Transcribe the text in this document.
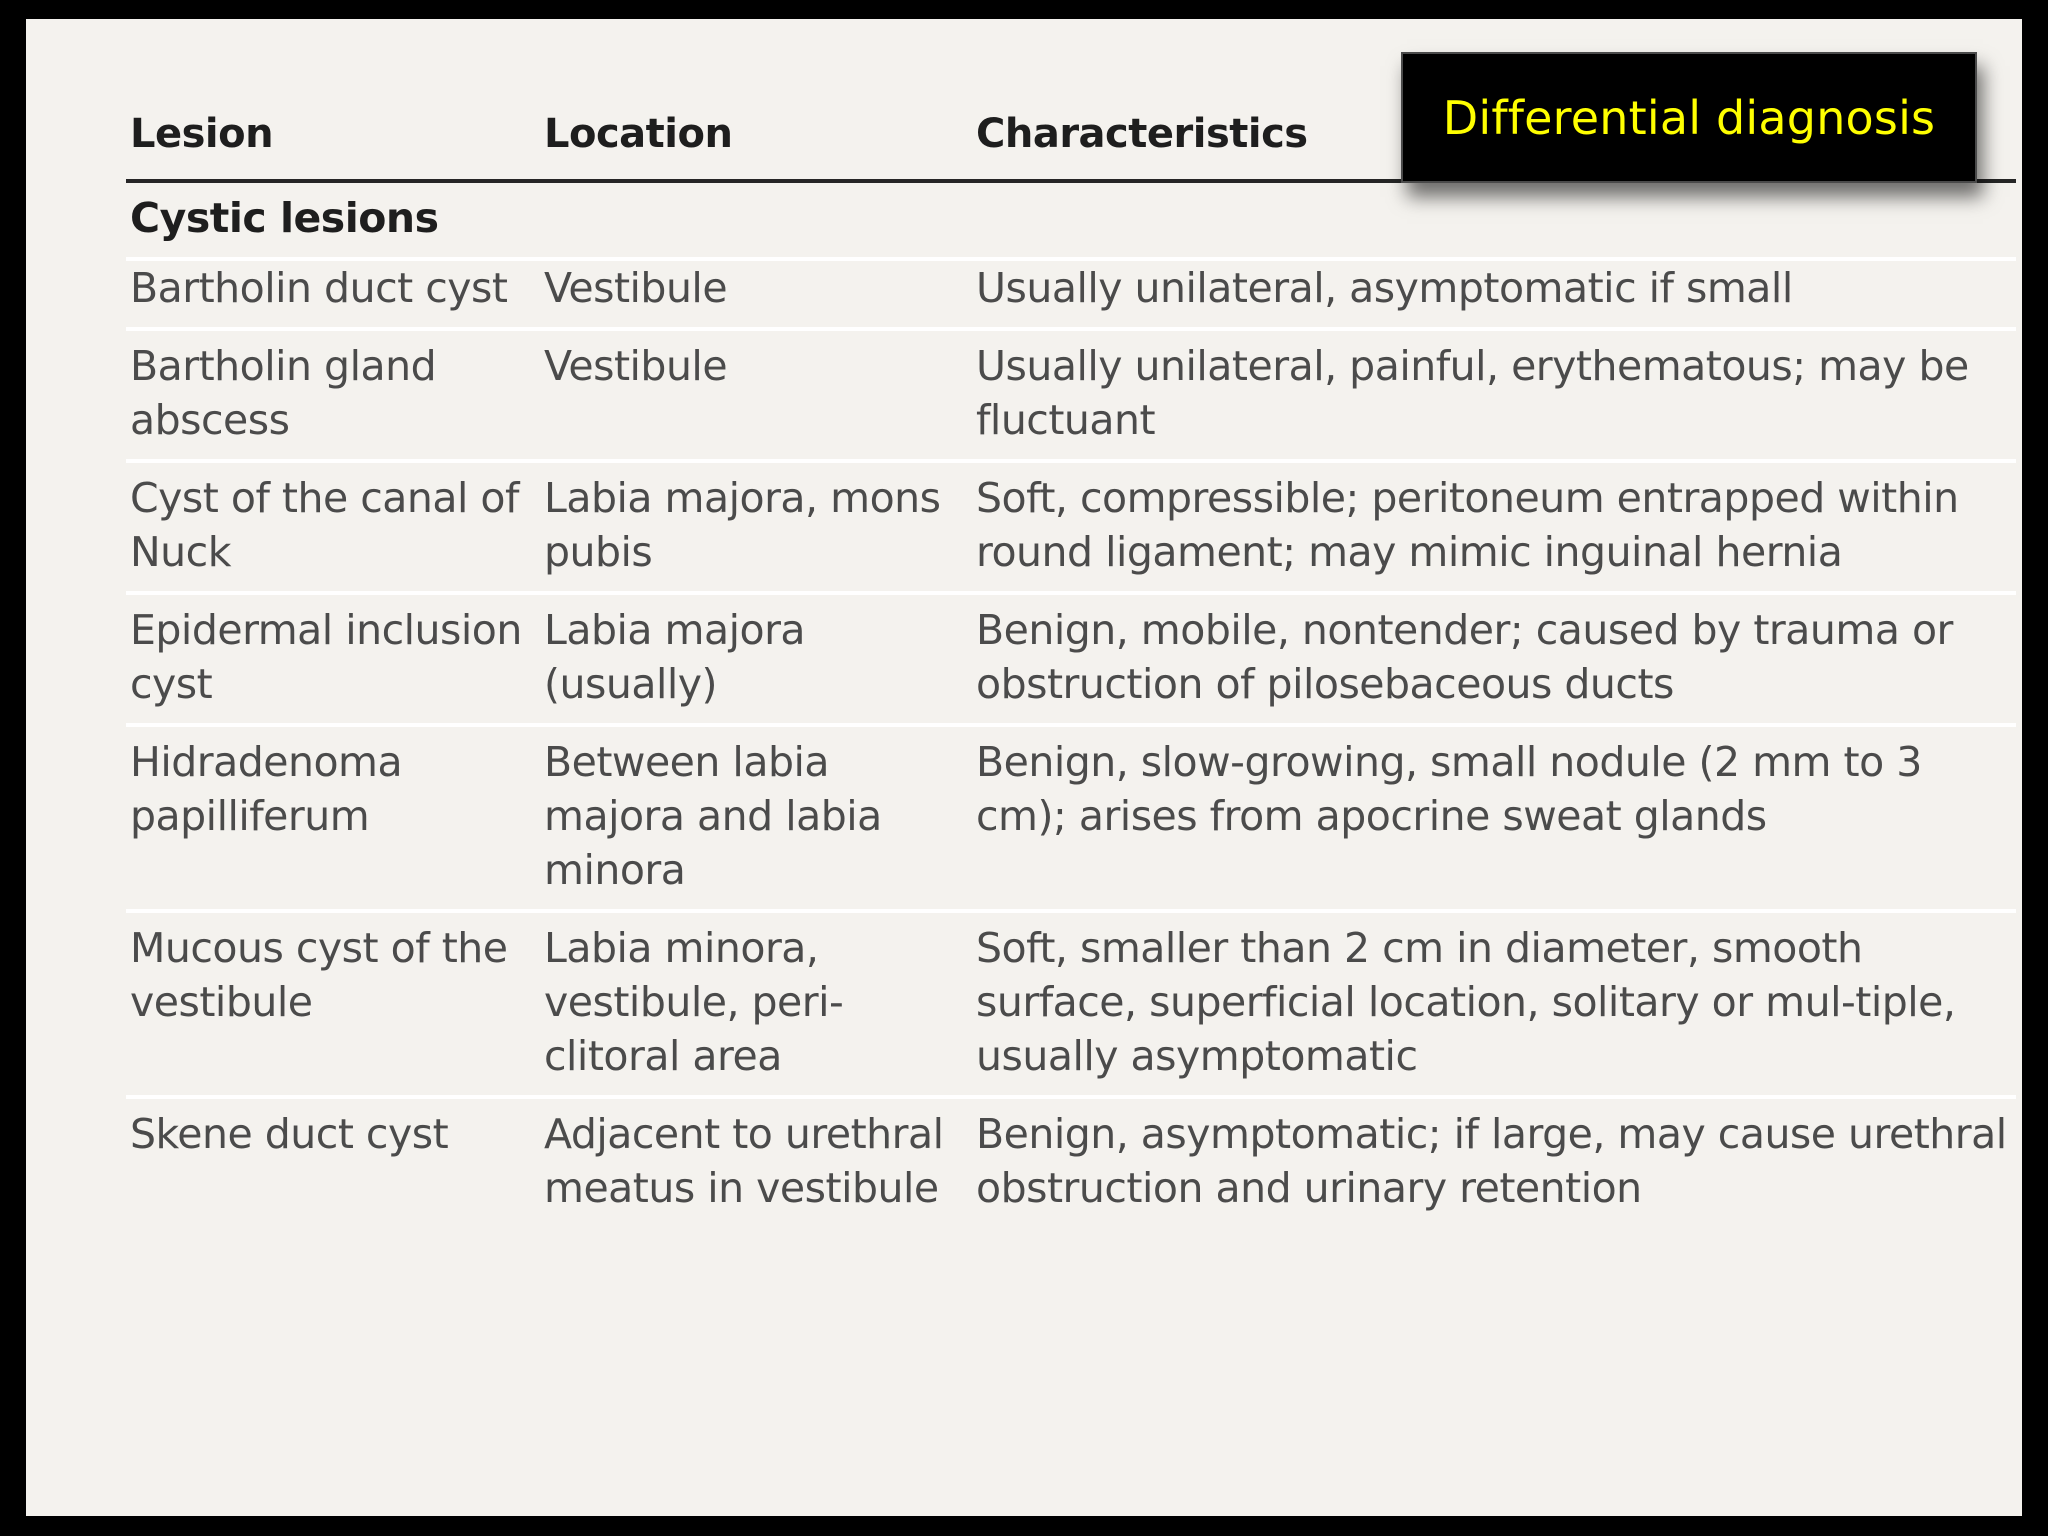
Lesion	Location	Characteristics
Cystic lesions		
Bartholin duct cyst	Vestibule	Usually unilateral, asymptomatic if small
Bartholin gland abscess	Vestibule	Usually unilateral, painful, erythematous; may be fluctuant
Cyst of the canal of Nuck	Labia majora, mons pubis	Soft, compressible; peritoneum entrapped within round ligament; may mimic inguinal hernia
Epidermal inclusion cyst	Labia majora (usually)	Benign, mobile, nontender; caused by trauma or obstruction of pilosebaceous ducts
Hidradenoma papilliferum	Between labia majora and labia minora	Benign, slow-growing, small nodule (2 mm to 3 cm); arises from apocrine sweat glands
Mucous cyst of the vestibule	Labia minora, vestibule, peri-clitoral area	Soft, smaller than 2 cm in diameter, smooth surface, superficial location, solitary or mul-tiple, usually asymptomatic
Skene duct cyst	Adjacent to urethral meatus in vestibule	Benign, asymptomatic; if large, may cause urethral obstruction and urinary retention
Differential diagnosis
